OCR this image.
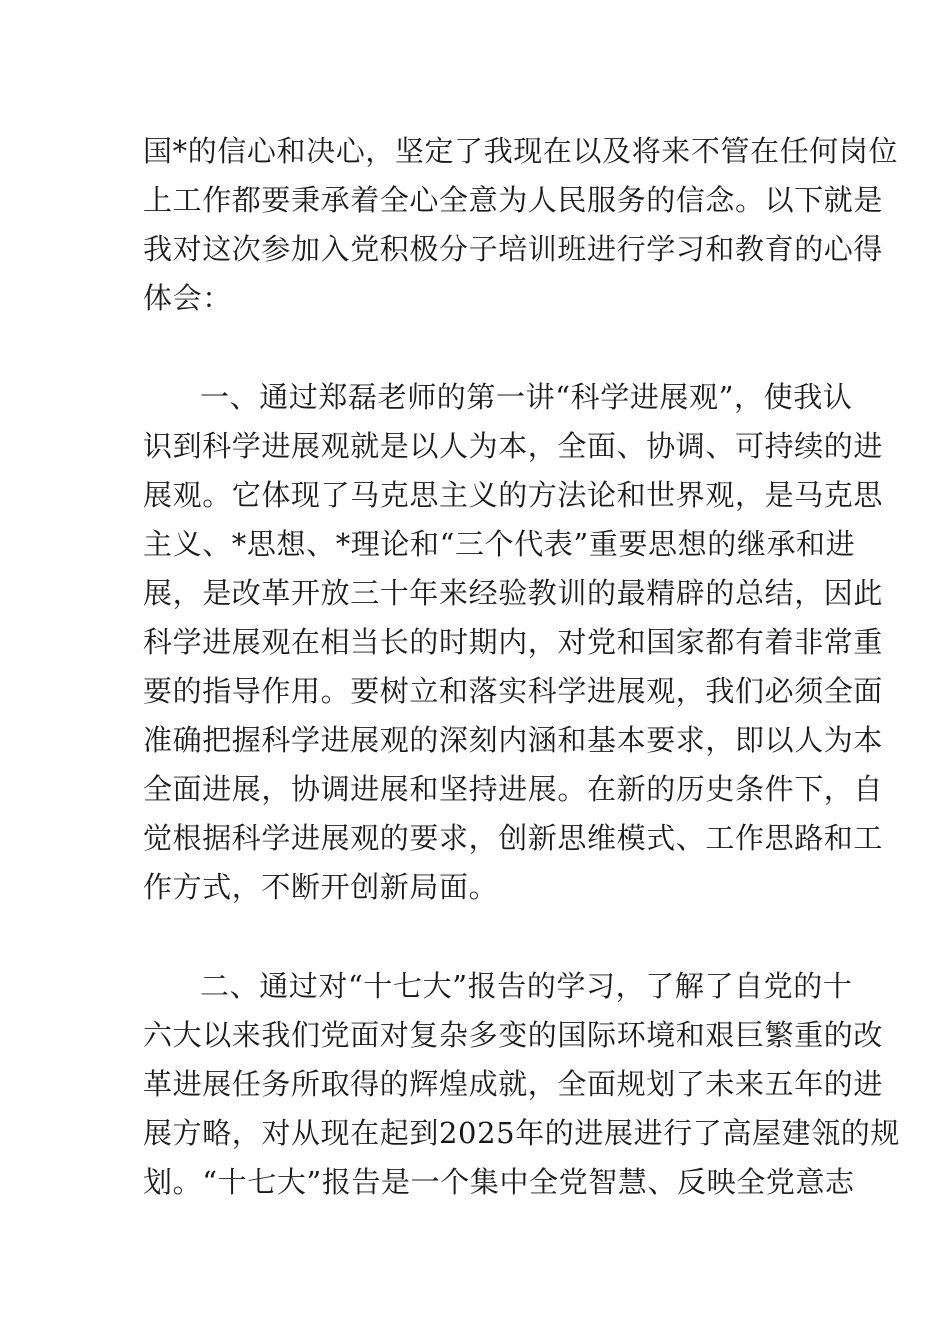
国*的信心和决心，坚定了我现在以及将来不管在任何岗位
上工作都要秉承着全心全意为人民服务的信念。以下就是
我对这次参加入党积极分子培训班进行学习和教育的心得
体会：
一、通过郑磊老师的第一讲“科学进展观”，使我认
识到科学进展观就是以人为本，全面、协调、可持续的进
展观。它体现了马克思主义的方法论和世界观，是马克思
主义、*思想、*理论和“三个代表”重要思想的继承和进
展，是改革开放三十年来经验教训的最精辟的总结，因此
科学进展观在相当长的时期内，对党和国家都有着非常重
要的指导作用。要树立和落实科学进展观，我们必须全面
准确把握科学进展观的深刻内涵和基本要求，即以人为本
全面进展，协调进展和坚持进展。在新的历史条件下，自
觉根据科学进展观的要求，创新思维模式、工作思路和工
作方式，不断开创新局面。
二、通过对“十七大”报告的学习，了解了自党的十
六大以来我们党面对复杂多变的国际环境和艰巨繁重的改
革进展任务所取得的辉煌成就，全面规划了未来五年的进
展方略，对从现在起到2025年的进展进行了高屋建瓴的规
划。“十七大”报告是一个集中全党智慧、反映全党意志
